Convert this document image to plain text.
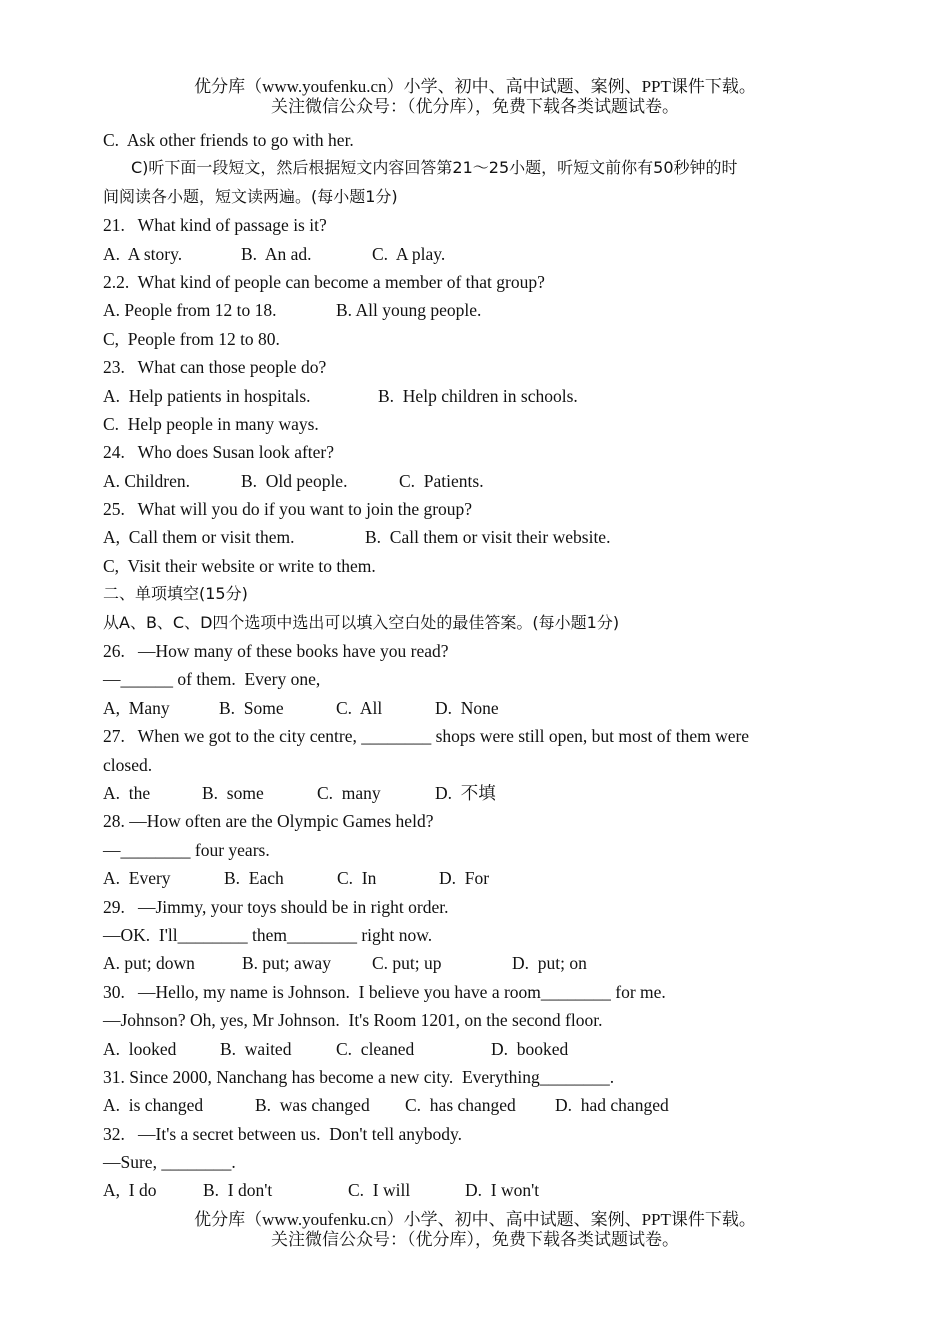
优分库（www.youfenku.cn）小学、初中、高中试题、案例、PPT课件下载。
关注微信公众号：（优分库），免费下载各类试题试卷。
C.  Ask other friends to go with her.
C)听下面一段短文，然后根据短文内容回答第21～25小题，听短文前你有50秒钟的时
间阅读各小题，短文读两遍。(每小题1分)
21.   What kind of passage is it?
A.  A story.	B.  An ad.	C.  A play.
2.2.  What kind of people can become a member of that group?
A. People from 12 to 18.	B. All young people.
C,  People from 12 to 80.
23.   What can those people do?
A.  Help patients in hospitals.	B.  Help children in schools.
C.  Help people in many ways.
24.   Who does Susan look after?
A. Children.	B.  Old people.	C.  Patients.
25.   What will you do if you want to join the group?
A,  Call them or visit them.	B.  Call them or visit their website.
C,  Visit their website or write to them.
二、单项填空(15分)
从A、B、C、D四个选项中选出可以填入空白处的最佳答案。(每小题1分)
26.   —How many of these books have you read?
—______ of them.  Every one,
A,  Many	B.  Some	C.  All	D.  None
27.   When we got to the city centre, ________ shops were still open, but most of them were
closed.
A.  the	B.  some	C.  many	D.  不填
28. —How often are the Olympic Games held?
—________ four years.
A.  Every	B.  Each	C.  In	D.  For
29.   —Jimmy, your toys should be in right order.
—OK.  I'll________ them________ right now.
A. put; down	B. put; away C. put; up	D.  put; on
30.   —Hello, my name is Johnson.  I believe you have a room________ for me.
—Johnson? Oh, yes, Mr Johnson.  It's Room 1201, on the second floor.
A.  looked B.  waited	C.  cleaned	D.  booked
31. Since 2000, Nanchang has become a new city.  Everything________.
A.  is changed	B.  was changed C.  has changed D.  had changed
32.   —It's a secret between us.  Don't tell anybody.
—Sure, ________.
A,  I do	B.  I don't	C.  I will	D.  I won't
优分库（www.youfenku.cn）小学、初中、高中试题、案例、PPT课件下载。
关注微信公众号：（优分库），免费下载各类试题试卷。
